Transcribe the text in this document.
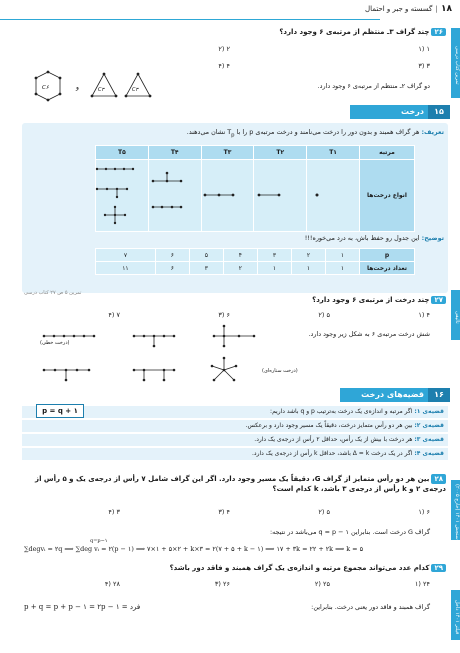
۱۸ | گسسته و جبر و احتمال
تمرین کتاب درسی
تالیفی
سنجش ۱۴۰۱ (خارج ۲۰۰۵)
فیلتر ۱۴۰۱ داخل
۲۶ چند گراف ۳ـ منتظم از مرتبه‌ی ۶ وجود دارد؟
۱ (۱
۲ (۲
۳ (۳
۴ (۴
دو گراف ۲ـ منتظم از مرتبه‌ی ۶ وجود دارد.
C۶	و	C۳	C۳
۱۵
درخت
تعریف: هر گراف همبند و بدون دور را درخت می‌نامند و درخت مرتبه‌ی p را با $T_p$ نشان می‌دهند.
T۵	T۴	T۳	T۲	T۱	مرتبه
					انواع درخت‌ها
توضیح: این جدول رو حفظ باش، به درد می‌خوره!!!
۷	۶	۵	۴	۳	۲	۱	p
۱۱	۶	۳	۲	۱	۱	۱	تعداد درخت‌ها
تمرین ۵ ص ۲۷ کتاب درسی
۲۷ چند درخت از مرتبه‌ی ۶ وجود دارد؟
۴ (۱
۵ (۲
۶ (۳
۷ (۴
شش درخت مرتبه‌ی ۶ به شکل زیر وجود دارد.
(درخت خطی)
(درخت ستاره‌ای)
۱۶
قضیه‌های درخت
قضیه‌ی ۱: اگر مرتبه و اندازه‌ی یک درخت به‌ترتیب p و q باشد داریم:
قضیه‌ی ۲: بین هر دو رأس متمایز درخت، دقیقاً یک مسیر وجود دارد و برعکس.
قضیه‌ی ۳: هر درخت با بیش از یک رأس، حداقل ۲ رأس از درجه‌ی یک دارد.
قضیه‌ی ۴: اگر در یک درخت Δ = k باشد، حداقل k رأس از درجه‌ی یک دارد.
p = q + ۱
۲۸ بین هر دو رأس متمایز از گراف G، دقیقاً یک مسیر وجود دارد. اگر این گراف شامل ۷ رأس از درجه‌ی یک و ۵ رأس از درجه‌ی ۲ و k رأس از درجه‌ی ۳ باشد، k کدام است؟
۶ (۱
۵ (۲
۴ (۳
۳ (۴
گراف G درخت است. بنابراین q = p − ۱ می‌باشد در نتیجه:
q=p−۱
∑degvᵢ = ۲q ⟹ ∑deg vᵢ = ۲(p − ۱) ⟹ ۷×۱ + ۵×۲ + k×۳ = ۲(۷ + ۵ + k − ۱) ⟹ ۱۷ + ۳k = ۲۲ + ۲k ⟹ k = ۵
۲۹ کدام عدد می‌تواند مجموع مرتبه و اندازه‌ی یک گراف همبند و فاقد دور باشد؟
۲۴ (۱
۲۵ (۲
۲۶ (۳
۲۸ (۴
گراف همبند و فاقد دور یعنی درخت. بنابراین:
p + q = p + p − ۱ = ۲p − ۱ = فرد
